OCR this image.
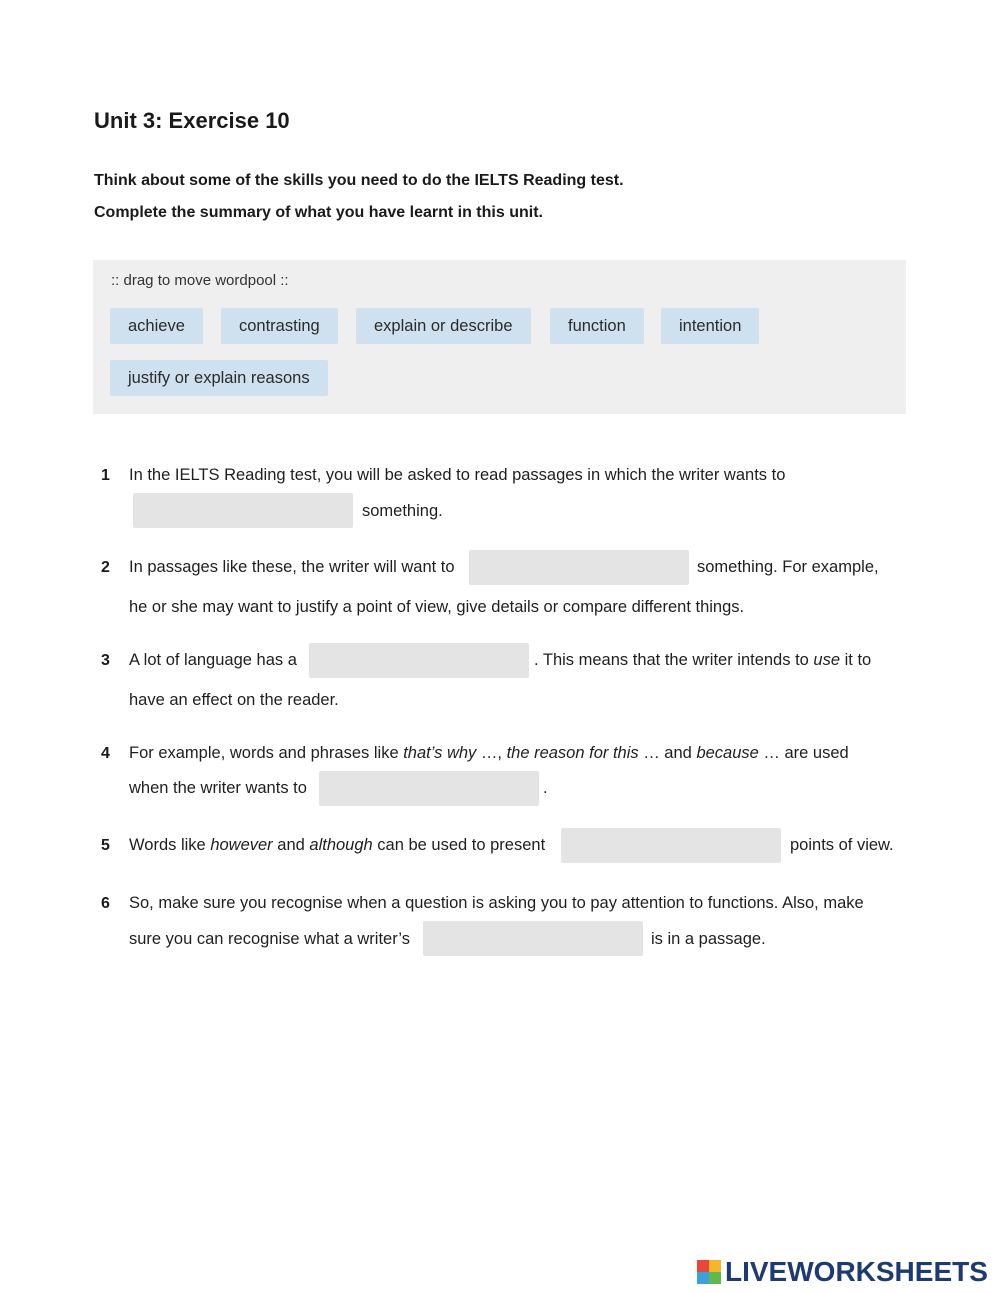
Unit 3: Exercise 10
Think about some of the skills you need to do the IELTS Reading test.
Complete the summary of what you have learnt in this unit.
:: drag to move wordpool ::
achieve	contrasting	explain or describe	function	intention
justify or explain reasons
1 In the IELTS Reading test, you will be asked to read passages in which the writer wants to
something.
2 In passages like these, the writer will want to	something. For example,
he or she may want to justify a point of view, give details or compare different things.
3 A lot of language has a	. This means that the writer intends to use it to
have an effect on the reader.
4 For example, words and phrases like that’s why …, the reason for this … and because … are used
when the writer wants to	.
5 Words like however and although can be used to present	points of view.
6 So, make sure you recognise when a question is asking you to pay attention to functions. Also, make
sure you can recognise what a writer’s	is in a passage.
LIVEWORKSHEETS
